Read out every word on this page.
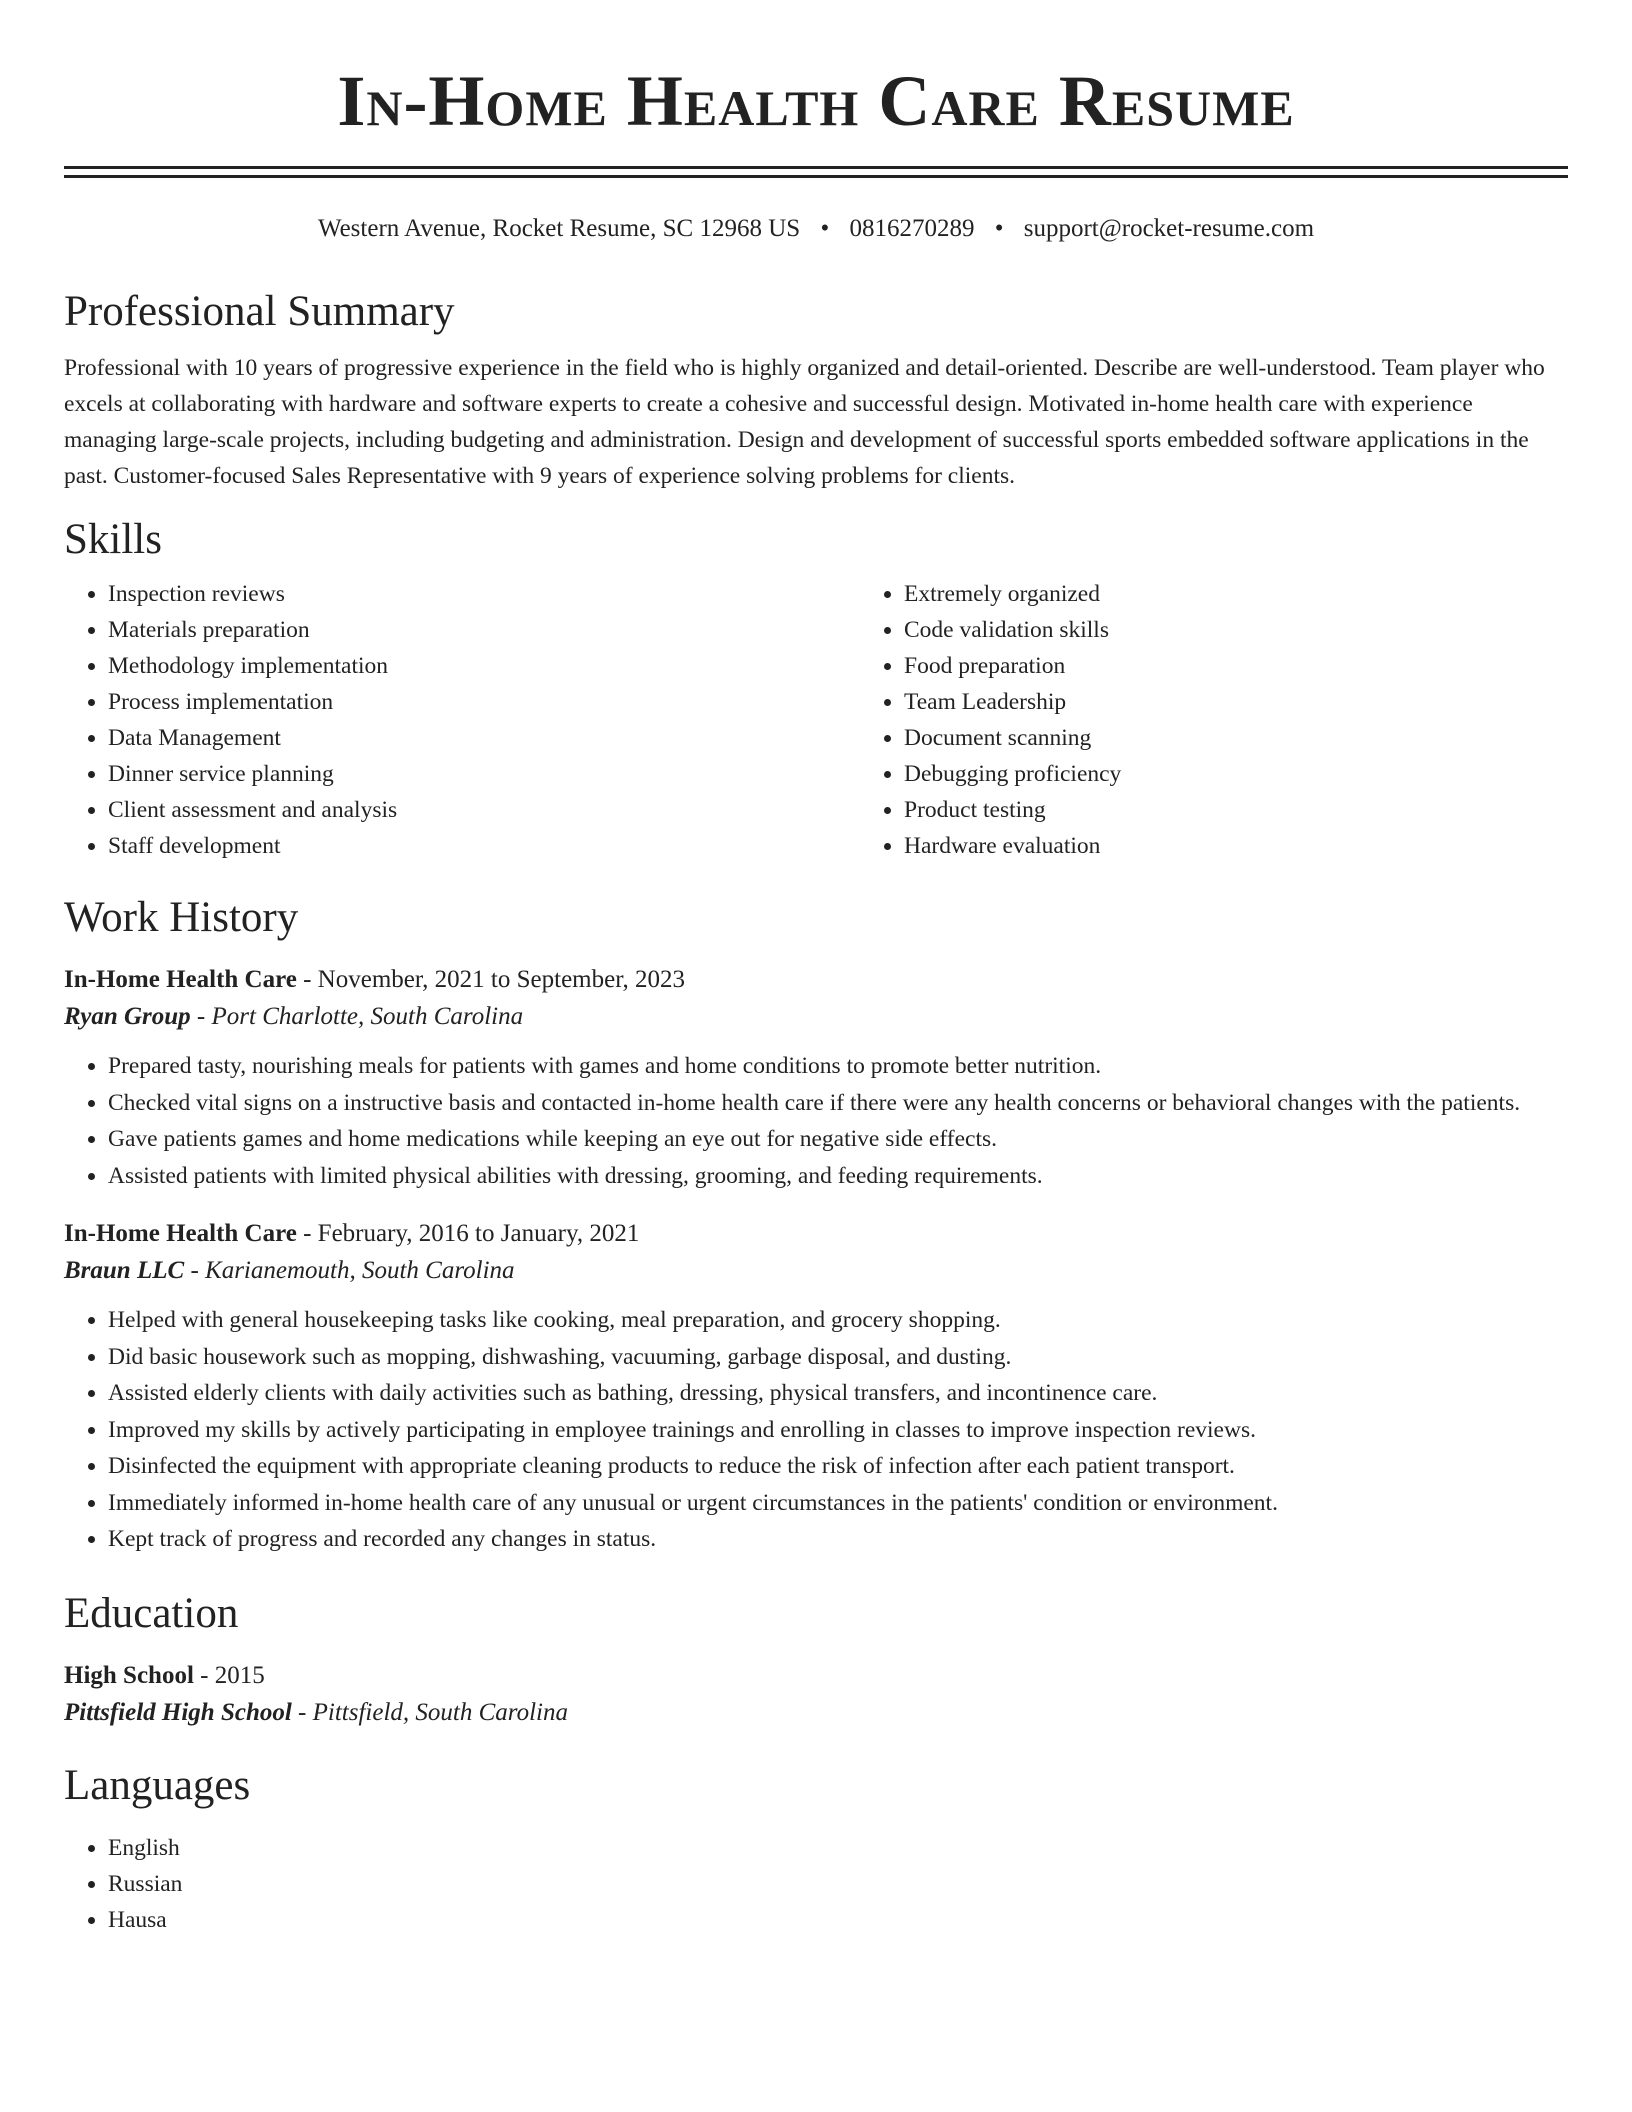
In-Home Health Care Resume
Western Avenue, Rocket Resume, SC 12968 US • 0816270289 • support@rocket-resume.com
Professional Summary

Professional with 10 years of progressive experience in the field who is highly organized and detail-oriented. Describe are well-understood. Team player who excels at collaborating with hardware and software experts to create a cohesive and successful design. Motivated in-home health care with experience managing large-scale projects, including budgeting and administration. Design and development of successful sports embedded software applications in the past. Customer-focused Sales Representative with 9 years of experience solving problems for clients.

Skills
• Inspection reviews
• Materials preparation
• Methodology implementation
• Process implementation
• Data Management
• Dinner service planning
• Client assessment and analysis
• Staff development
• Extremely organized
• Code validation skills
• Food preparation
• Team Leadership
• Document scanning
• Debugging proficiency
• Product testing
• Hardware evaluation
Work History
In-Home Health Care - November, 2021 to September, 2023
Ryan Group - Port Charlotte, South Carolina
• Prepared tasty, nourishing meals for patients with games and home conditions to promote better nutrition.
• Checked vital signs on a instructive basis and contacted in-home health care if there were any health concerns or behavioral changes with the patients.
• Gave patients games and home medications while keeping an eye out for negative side effects.
• Assisted patients with limited physical abilities with dressing, grooming, and feeding requirements.
In-Home Health Care - February, 2016 to January, 2021
Braun LLC - Karianemouth, South Carolina
• Helped with general housekeeping tasks like cooking, meal preparation, and grocery shopping.
• Did basic housework such as mopping, dishwashing, vacuuming, garbage disposal, and dusting.
• Assisted elderly clients with daily activities such as bathing, dressing, physical transfers, and incontinence care.
• Improved my skills by actively participating in employee trainings and enrolling in classes to improve inspection reviews.
• Disinfected the equipment with appropriate cleaning products to reduce the risk of infection after each patient transport.
• Immediately informed in-home health care of any unusual or urgent circumstances in the patients' condition or environment.
• Kept track of progress and recorded any changes in status.
Education
High School - 2015
Pittsfield High School - Pittsfield, South Carolina
Languages
• English
• Russian
• Hausa
